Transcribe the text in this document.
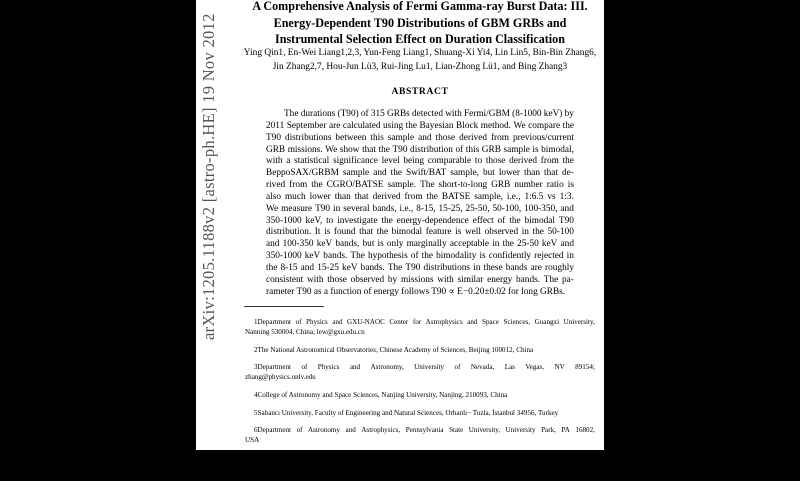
arXiv:1205.1188v2 [astro-ph.HE] 19 Nov 2012
A Comprehensive Analysis of Fermi Gamma-ray Burst Data: III.
Energy-Dependent T90 Distributions of GBM GRBs and
Instrumental Selection Effect on Duration Classification
Ying Qin1, En-Wei Liang1,2,3, Yun-Feng Liang1, Shuang-Xi Yi4, Lin Lin5, Bin-Bin Zhang6,
Jin Zhang2,7, Hou-Jun Lü3, Rui-Jing Lu1, Lian-Zhong Lü1, and Bing Zhang3
ABSTRACT
The durations (T90) of 315 GRBs detected with Fermi/GBM (8-1000 keV) by
2011 September are calculated using the Bayesian Block method. We compare the
T90 distributions between this sample and those derived from previous/current
GRB missions. We show that the T90 distribution of this GRB sample is bimodal,
with a statistical significance level being comparable to those derived from the
BeppoSAX/GRBM sample and the Swift/BAT sample, but lower than that de-
rived from the CGRO/BATSE sample. The short-to-long GRB number ratio is
also much lower than that derived from the BATSE sample, i.e., 1:6.5 vs 1:3.
We measure T90 in several bands, i.e., 8-15, 15-25, 25-50, 50-100, 100-350, and
350-1000 keV, to investigate the energy-dependence effect of the bimodal T90
distribution. It is found that the bimodal feature is well observed in the 50-100
and 100-350 keV bands, but is only marginally acceptable in the 25-50 keV and
350-1000 keV bands. The hypothesis of the bimodality is confidently rejected in
the 8-15 and 15-25 keV bands. The T90 distributions in these bands are roughly
consistent with those observed by missions with similar energy bands. The pa-
rameter T90 as a function of energy follows T90 ∝ E−0.20±0.02 for long GRBs.
1Department of Physics and GXU-NAOC Center for Astrophysics and Space Sciences, Guangxi University,
Nanning 530004, China; lew@gxu.edu.cn
2The National Astronomical Observatories, Chinese Academy of Sciences, Beijing 100012, China
3Department of Physics and Astronomy, University of Nevada, Las Vegas, NV 89154;
zhang@physics.unlv.edu
4College of Astronomy and Space Sciences, Nanjing University, Nanjing, 210093, China
5Sabancı University, Faculty of Engineering and Natural Sciences, Orhanlı− Tuzla, İstanbul 34956, Turkey
6Department of Astronomy and Astrophysics, Pennsylvania State University, University Park, PA 16802,
USA
7College of Physics and Electronic Engineering, Guangxi Teachers Education University, Nanning, 530001,
China
